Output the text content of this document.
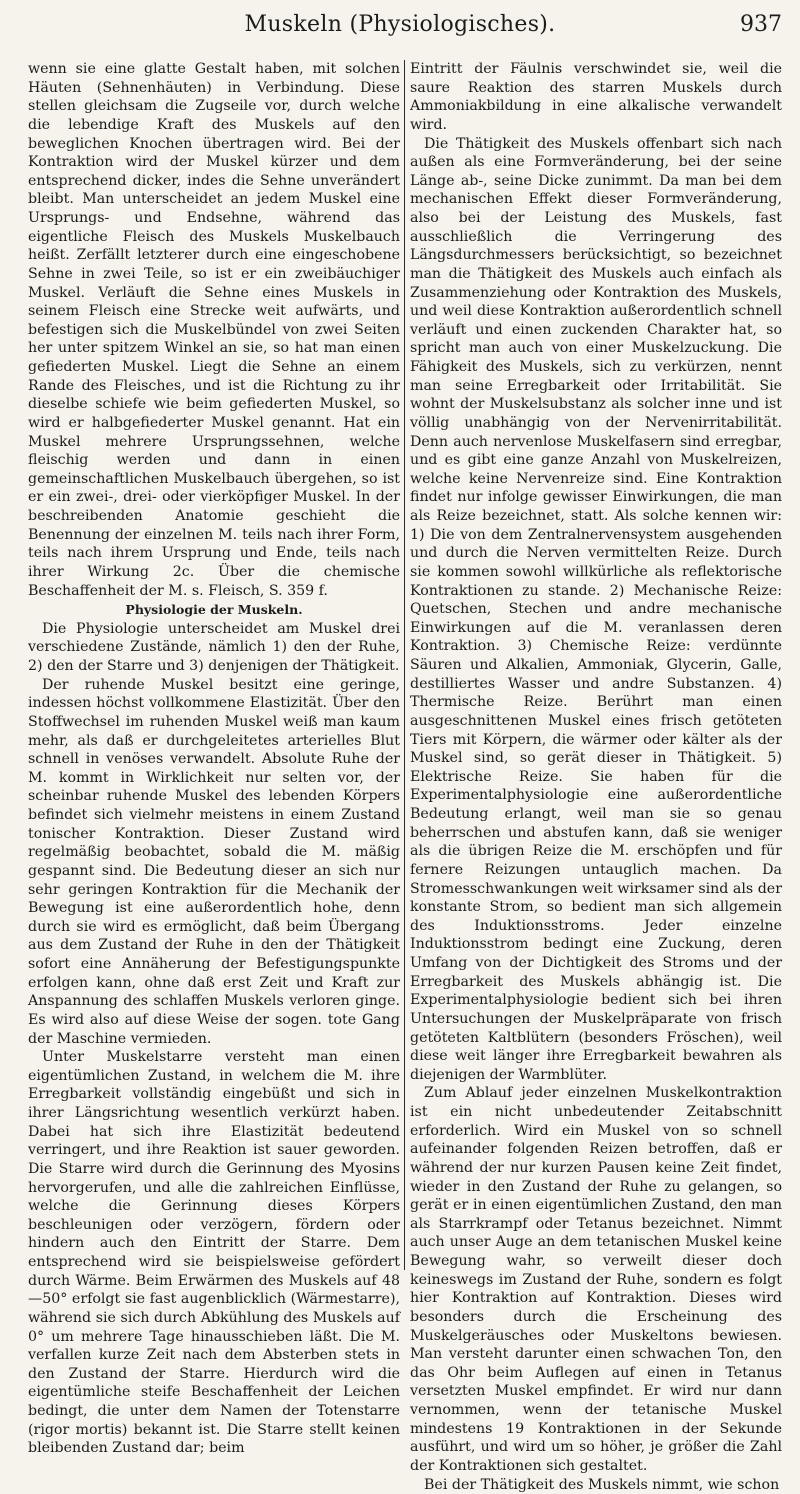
Muskeln (Physiologisches).	937

wenn sie eine glatte Gestalt haben, mit solchen Häuten (Sehnenhäuten) in Verbindung. Diese stellen gleichsam die Zugseile vor, durch welche die lebendige Kraft des Muskels auf den beweglichen Knochen übertragen wird. Bei der Kontraktion wird der Muskel kürzer und dem entsprechend dicker, indes die Sehne unverändert bleibt. Man unterscheidet an jedem Muskel eine Ursprungs- und Endsehne, während das eigentliche Fleisch des Muskels Muskelbauch heißt. Zerfällt letzterer durch eine eingeschobene Sehne in zwei Teile, so ist er ein zweibäuchiger Muskel. Verläuft die Sehne eines Muskels in seinem Fleisch eine Strecke weit aufwärts, und befestigen sich die Muskelbündel von zwei Seiten her unter spitzem Winkel an sie, so hat man einen gefiederten Muskel. Liegt die Sehne an einem Rande des Fleisches, und ist die Richtung zu ihr dieselbe schiefe wie beim gefiederten Muskel, so wird er halbgefiederter Muskel genannt. Hat ein Muskel mehrere Ursprungssehnen, welche fleischig werden und dann in einen gemeinschaftlichen Muskelbauch übergehen, so ist er ein zwei-, drei- oder vierköpfiger Muskel. In der beschreibenden Anatomie geschieht die Benennung der einzelnen M. teils nach ihrer Form, teils nach ihrem Ursprung und Ende, teils nach ihrer Wirkung 2c. Über die chemische Beschaffenheit der M. s. Fleisch, S. 359 f.

Physiologie der Muskeln.

Die Physiologie unterscheidet am Muskel drei verschiedene Zustände, nämlich 1) den der Ruhe, 2) den der Starre und 3) denjenigen der Thätigkeit.

Der ruhende Muskel besitzt eine geringe, indessen höchst vollkommene Elastizität. Über den Stoffwechsel im ruhenden Muskel weiß man kaum mehr, als daß er durchgeleitetes arterielles Blut schnell in venöses verwandelt. Absolute Ruhe der M. kommt in Wirklichkeit nur selten vor, der scheinbar ruhende Muskel des lebenden Körpers befindet sich vielmehr meistens in einem Zustand tonischer Kontraktion. Dieser Zustand wird regelmäßig beobachtet, sobald die M. mäßig gespannt sind. Die Bedeutung dieser an sich nur sehr geringen Kontraktion für die Mechanik der Bewegung ist eine außerordentlich hohe, denn durch sie wird es ermöglicht, daß beim Übergang aus dem Zustand der Ruhe in den der Thätigkeit sofort eine Annäherung der Befestigungspunkte erfolgen kann, ohne daß erst Zeit und Kraft zur Anspannung des schlaffen Muskels verloren ginge. Es wird also auf diese Weise der sogen. tote Gang der Maschine vermieden.

Unter Muskelstarre versteht man einen eigentümlichen Zustand, in welchem die M. ihre Erregbarkeit vollständig eingebüßt und sich in ihrer Längsrichtung wesentlich verkürzt haben. Dabei hat sich ihre Elastizität bedeutend verringert, und ihre Reaktion ist sauer geworden. Die Starre wird durch die Gerinnung des Myosins hervorgerufen, und alle die zahlreichen Einflüsse, welche die Gerinnung dieses Körpers beschleunigen oder verzögern, fördern oder hindern auch den Eintritt der Starre. Dem entsprechend wird sie beispielsweise gefördert durch Wärme. Beim Erwärmen des Muskels auf 48—50° erfolgt sie fast augenblicklich (Wärmestarre), während sie sich durch Abkühlung des Muskels auf 0° um mehrere Tage hinausschieben läßt. Die M. verfallen kurze Zeit nach dem Absterben stets in den Zustand der Starre. Hierdurch wird die eigentümliche steife Beschaffenheit der Leichen bedingt, die unter dem Namen der Totenstarre (rigor mortis) bekannt ist. Die Starre stellt keinen bleibenden Zustand dar; beim

Eintritt der Fäulnis verschwindet sie, weil die saure Reaktion des starren Muskels durch Ammoniakbildung in eine alkalische verwandelt wird.

Die Thätigkeit des Muskels offenbart sich nach außen als eine Formveränderung, bei der seine Länge ab-, seine Dicke zunimmt. Da man bei dem mechanischen Effekt dieser Formveränderung, also bei der Leistung des Muskels, fast ausschließlich die Verringerung des Längsdurchmessers berücksichtigt, so bezeichnet man die Thätigkeit des Muskels auch einfach als Zusammenziehung oder Kontraktion des Muskels, und weil diese Kontraktion außerordentlich schnell verläuft und einen zuckenden Charakter hat, so spricht man auch von einer Muskelzuckung. Die Fähigkeit des Muskels, sich zu verkürzen, nennt man seine Erregbarkeit oder Irritabilität. Sie wohnt der Muskelsubstanz als solcher inne und ist völlig unabhängig von der Nervenirritabilität. Denn auch nervenlose Muskelfasern sind erregbar, und es gibt eine ganze Anzahl von Muskelreizen, welche keine Nervenreize sind. Eine Kontraktion findet nur infolge gewisser Einwirkungen, die man als Reize bezeichnet, statt. Als solche kennen wir: 1) Die von dem Zentralnervensystem ausgehenden und durch die Nerven vermittelten Reize. Durch sie kommen sowohl willkürliche als reflektorische Kontraktionen zu stande. 2) Mechanische Reize: Quetschen, Stechen und andre mechanische Einwirkungen auf die M. veranlassen deren Kontraktion. 3) Chemische Reize: verdünnte Säuren und Alkalien, Ammoniak, Glycerin, Galle, destilliertes Wasser und andre Substanzen. 4) Thermische Reize. Berührt man einen ausgeschnittenen Muskel eines frisch getöteten Tiers mit Körpern, die wärmer oder kälter als der Muskel sind, so gerät dieser in Thätigkeit. 5) Elektrische Reize. Sie haben für die Experimentalphysiologie eine außerordentliche Bedeutung erlangt, weil man sie so genau beherrschen und abstufen kann, daß sie weniger als die übrigen Reize die M. erschöpfen und für fernere Reizungen untauglich machen. Da Stromesschwankungen weit wirksamer sind als der konstante Strom, so bedient man sich allgemein des Induktionsstroms. Jeder einzelne Induktionsstrom bedingt eine Zuckung, deren Umfang von der Dichtigkeit des Stroms und der Erregbarkeit des Muskels abhängig ist. Die Experimentalphysiologie bedient sich bei ihren Untersuchungen der Muskelpräparate von frisch getöteten Kaltblütern (besonders Fröschen), weil diese weit länger ihre Erregbarkeit bewahren als diejenigen der Warmblüter.

Zum Ablauf jeder einzelnen Muskelkontraktion ist ein nicht unbedeutender Zeitabschnitt erforderlich. Wird ein Muskel von so schnell aufeinander folgenden Reizen betroffen, daß er während der nur kurzen Pausen keine Zeit findet, wieder in den Zustand der Ruhe zu gelangen, so gerät er in einen eigentümlichen Zustand, den man als Starrkrampf oder Tetanus bezeichnet. Nimmt auch unser Auge an dem tetanischen Muskel keine Bewegung wahr, so verweilt dieser doch keineswegs im Zustand der Ruhe, sondern es folgt hier Kontraktion auf Kontraktion. Dieses wird besonders durch die Erscheinung des Muskelgeräusches oder Muskeltons bewiesen. Man versteht darunter einen schwachen Ton, den das Ohr beim Auflegen auf einen in Tetanus versetzten Muskel empfindet. Er wird nur dann vernommen, wenn der tetanische Muskel mindestens 19 Kontraktionen in der Sekunde ausführt, und wird um so höher, je größer die Zahl der Kontraktionen sich gestaltet.

Bei der Thätigkeit des Muskels nimmt, wie schon
